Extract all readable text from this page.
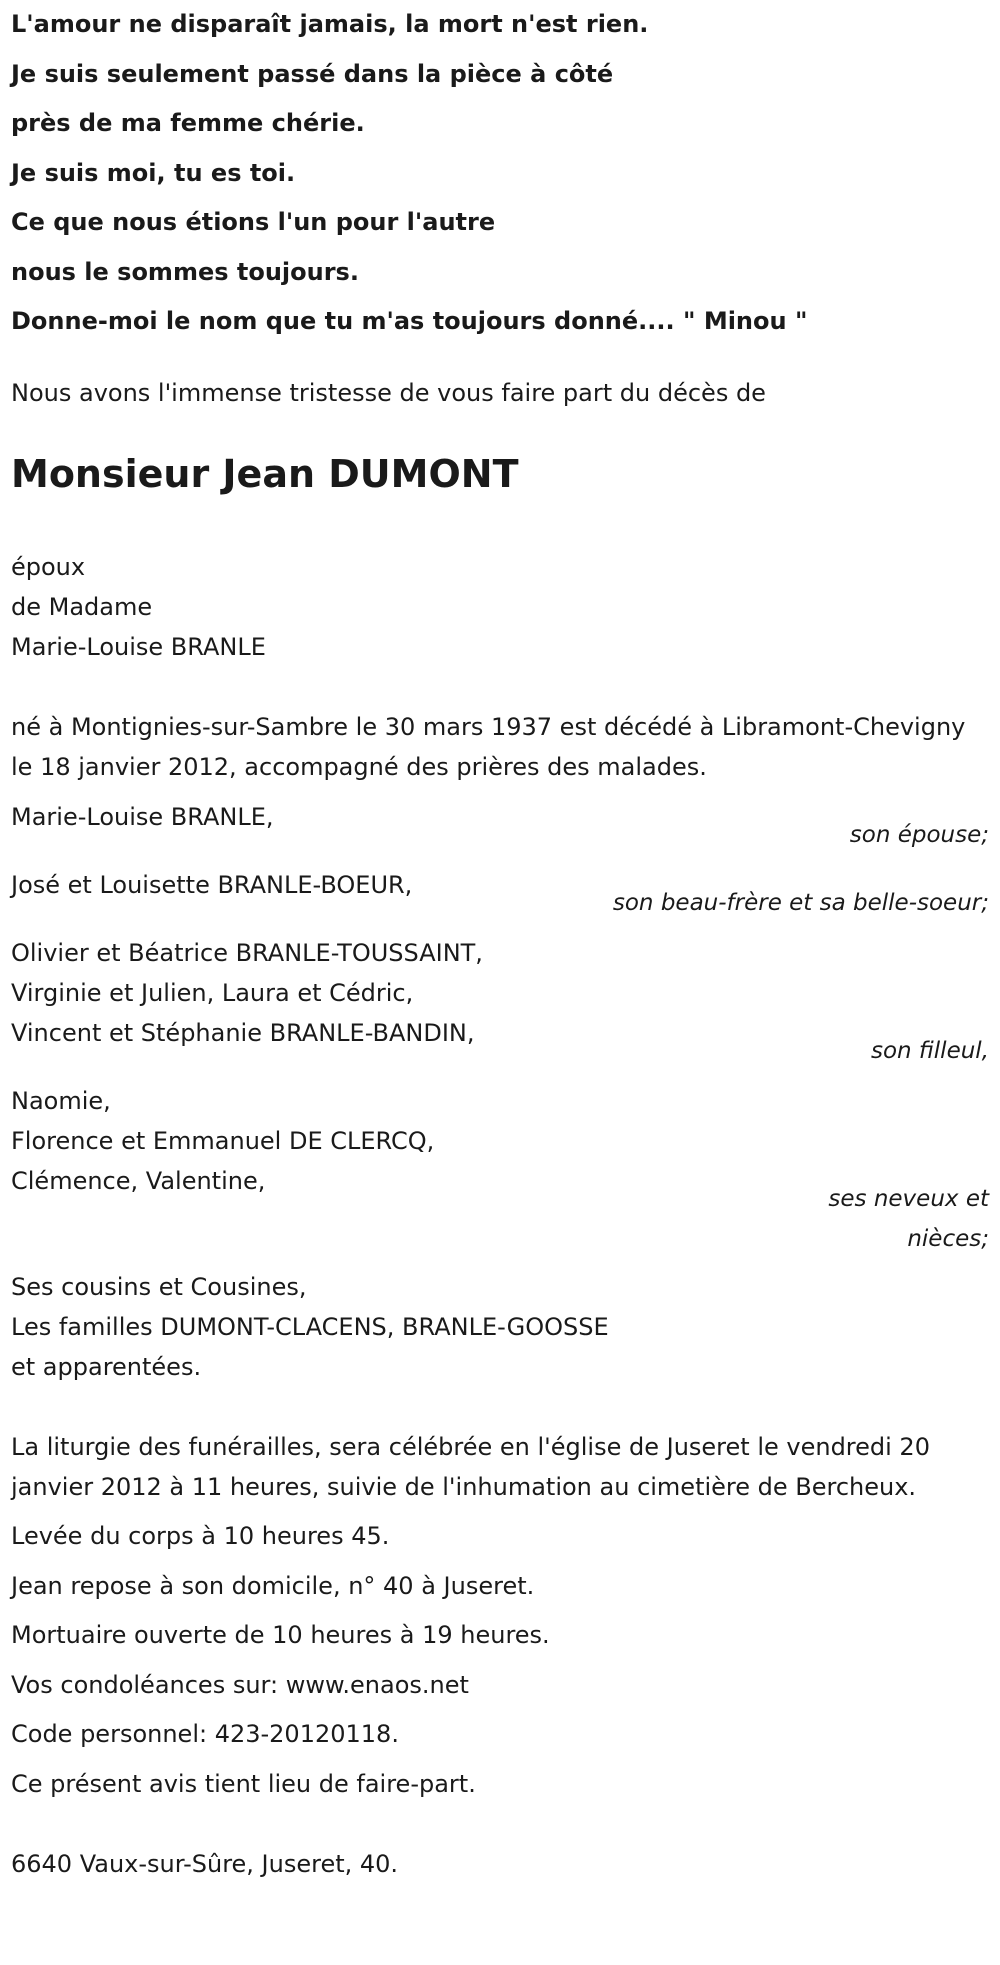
L'amour ne disparaît jamais, la mort n'est rien.
Je suis seulement passé dans la pièce à côté
près de ma femme chérie.
Je suis moi, tu es toi.
Ce que nous étions l'un pour l'autre
nous le sommes toujours.
Donne-moi le nom que tu m'as toujours donné.... " Minou "
Nous avons l'immense tristesse de vous faire part du décès de
Monsieur Jean DUMONT
époux
de Madame
Marie-Louise BRANLE
né à Montignies-sur-Sambre le 30 mars 1937 est décédé à Libramont-Chevigny le 18 janvier 2012, accompagné des prières des malades.
Marie-Louise BRANLE,
son épouse;
José et Louisette BRANLE-BOEUR,
son beau-frère et sa belle-soeur;
Olivier et Béatrice BRANLE-TOUSSAINT,
Virginie et Julien, Laura et Cédric,
Vincent et Stéphanie BRANLE-BANDIN,
son filleul,
Naomie,
Florence et Emmanuel DE CLERCQ,
Clémence, Valentine,
ses neveux et nièces;
Ses cousins et Cousines,
Les familles DUMONT-CLACENS, BRANLE-GOOSSE
et apparentées.
La liturgie des funérailles, sera célébrée en l'église de Juseret le vendredi 20 janvier 2012 à 11 heures, suivie de l'inhumation au cimetière de Bercheux.
Levée du corps à 10 heures 45.
Jean repose à son domicile, n° 40 à Juseret.
Mortuaire ouverte de 10 heures à 19 heures.
Vos condoléances sur: www.enaos.net
Code personnel: 423-20120118.
Ce présent avis tient lieu de faire-part.
6640 Vaux-sur-Sûre, Juseret, 40.
